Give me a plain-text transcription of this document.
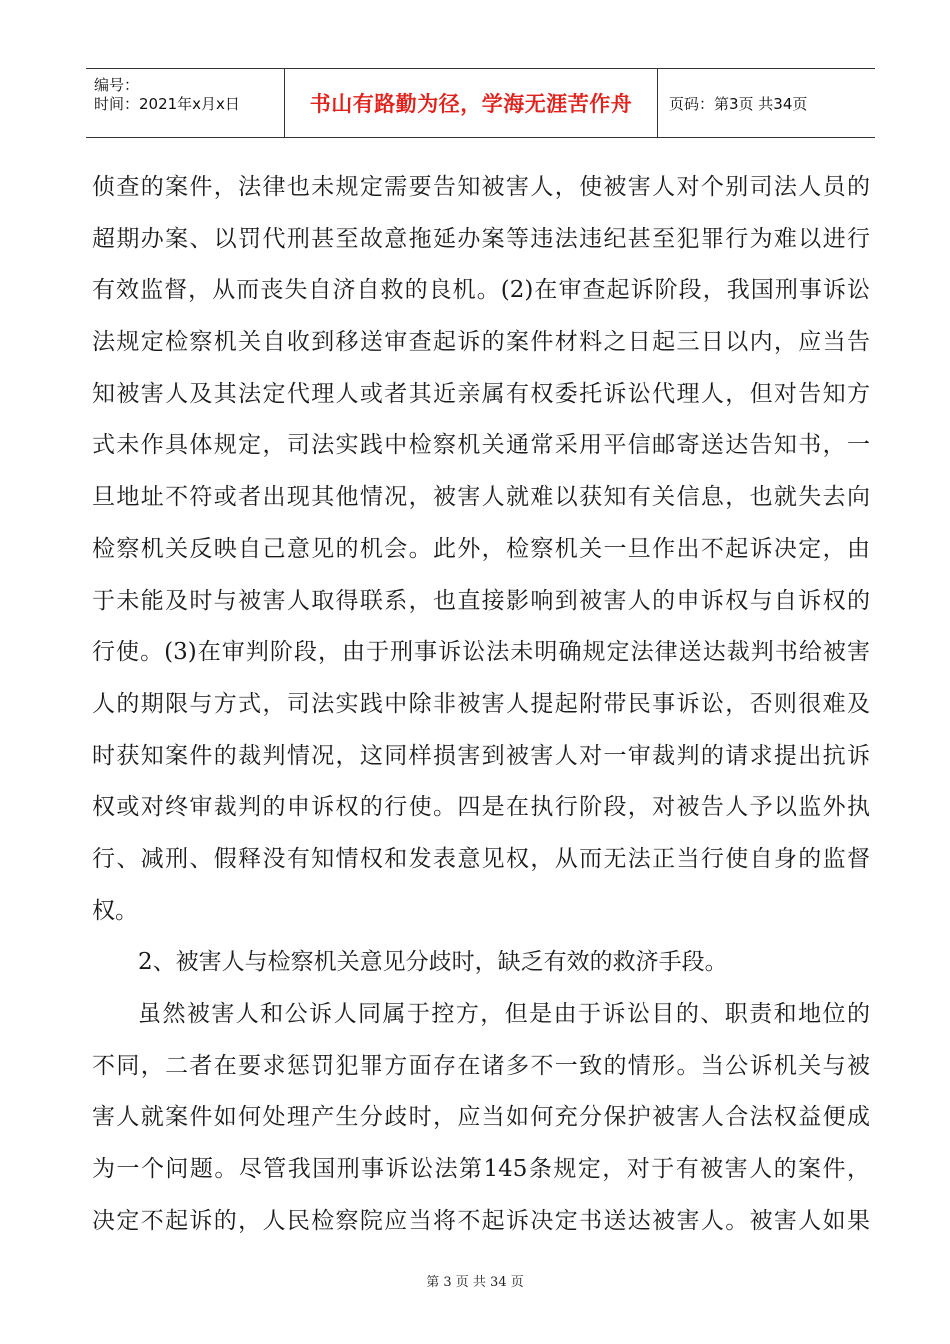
编号：
时间：2021年x月x日	书山有路勤为径，学海无涯苦作舟 页码：第3页 共34页
侦查的案件，法律也未规定需要告知被害人，使被害人对个别司法人员的
超期办案、以罚代刑甚至故意拖延办案等违法违纪甚至犯罪行为难以进行
有效监督，从而丧失自济自救的良机。(2)在审查起诉阶段，我国刑事诉讼
法规定检察机关自收到移送审查起诉的案件材料之日起三日以内，应当告
知被害人及其法定代理人或者其近亲属有权委托诉讼代理人，但对告知方
式未作具体规定，司法实践中检察机关通常采用平信邮寄送达告知书，一
旦地址不符或者出现其他情况，被害人就难以获知有关信息，也就失去向
检察机关反映自己意见的机会。此外，检察机关一旦作出不起诉决定，由
于未能及时与被害人取得联系，也直接影响到被害人的申诉权与自诉权的
行使。(3)在审判阶段，由于刑事诉讼法未明确规定法律送达裁判书给被害
人的期限与方式，司法实践中除非被害人提起附带民事诉讼，否则很难及
时获知案件的裁判情况，这同样损害到被害人对一审裁判的请求提出抗诉
权或对终审裁判的申诉权的行使。四是在执行阶段，对被告人予以监外执
行、减刑、假释没有知情权和发表意见权，从而无法正当行使自身的监督
权。
2、被害人与检察机关意见分歧时，缺乏有效的救济手段。
虽然被害人和公诉人同属于控方，但是由于诉讼目的、职责和地位的
不同，二者在要求惩罚犯罪方面存在诸多不一致的情形。当公诉机关与被
害人就案件如何处理产生分歧时，应当如何充分保护被害人合法权益便成
为一个问题。尽管我国刑事诉讼法第145条规定，对于有被害人的案件，
决定不起诉的，人民检察院应当将不起诉决定书送达被害人。被害人如果
第 3 页 共 34 页
